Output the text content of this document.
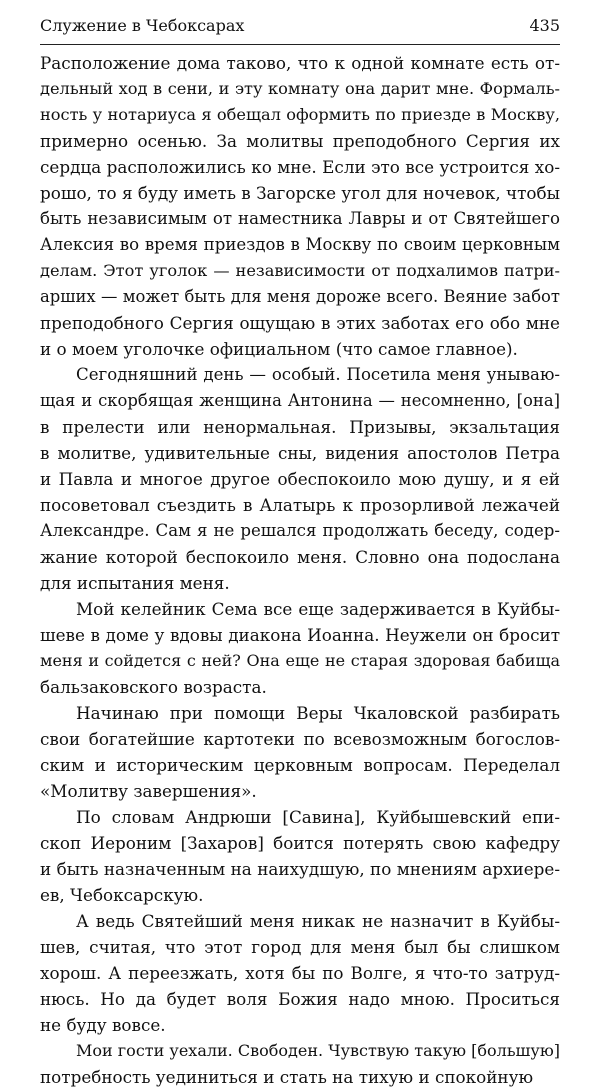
Служение в Чебоксарах	435
Расположение дома таково, что к одной комнате есть от-
дельный ход в сени, и эту комнату она дарит мне. Формаль-
ность у нотариуса я обещал оформить по приезде в Москву,
примерно осенью. За молитвы преподобного Сергия их
сердца расположились ко мне. Если это все устроится хо-
рошо, то я буду иметь в Загорске угол для ночевок, чтобы
быть независимым от наместника Лавры и от Святейшего
Алексия во время приездов в Москву по своим церковным
делам. Этот уголок — независимости от подхалимов патри-
арших — может быть для меня дороже всего. Веяние забот
преподобного Сергия ощущаю в этих заботах его обо мне
и о моем уголочке официальном (что самое главное).
Сегодняшний день — особый. Посетила меня унываю-
щая и скорбящая женщина Антонина — несомненно, [она]
в прелести или ненормальная. Призывы, экзальтация
в молитве, удивительные сны, видения апостолов Петра
и Павла и многое другое обеспокоило мою душу, и я ей
посоветовал съездить в Алатырь к прозорливой лежачей
Александре. Сам я не решался продолжать беседу, содер-
жание которой беспокоило меня. Словно она подослана
для испытания меня.
Мой келейник Сема все еще задерживается в Куйбы-
шеве в доме у вдовы диакона Иоанна. Неужели он бросит
меня и сойдется с ней? Она еще не старая здоровая бабища
бальзаковского возраста.
Начинаю при помощи Веры Чкаловской разбирать
свои богатейшие картотеки по всевозможным богослов-
ским и историческим церковным вопросам. Переделал
«Молитву завершения».
По словам Андрюши [Савина], Куйбышевский епи-
скоп Иероним [Захаров] боится потерять свою кафедру
и быть назначенным на наихудшую, по мнениям архиере-
ев, Чебоксарскую.
А ведь Святейший меня никак не назначит в Куйбы-
шев, считая, что этот город для меня был бы слишком
хорош. А переезжать, хотя бы по Волге, я что-то затруд-
нюсь. Но да будет воля Божия надо мною. Проситься
не буду вовсе.
Мои гости уехали. Свободен. Чувствую такую [большую]
потребность уединиться и стать на тихую и спокойную
